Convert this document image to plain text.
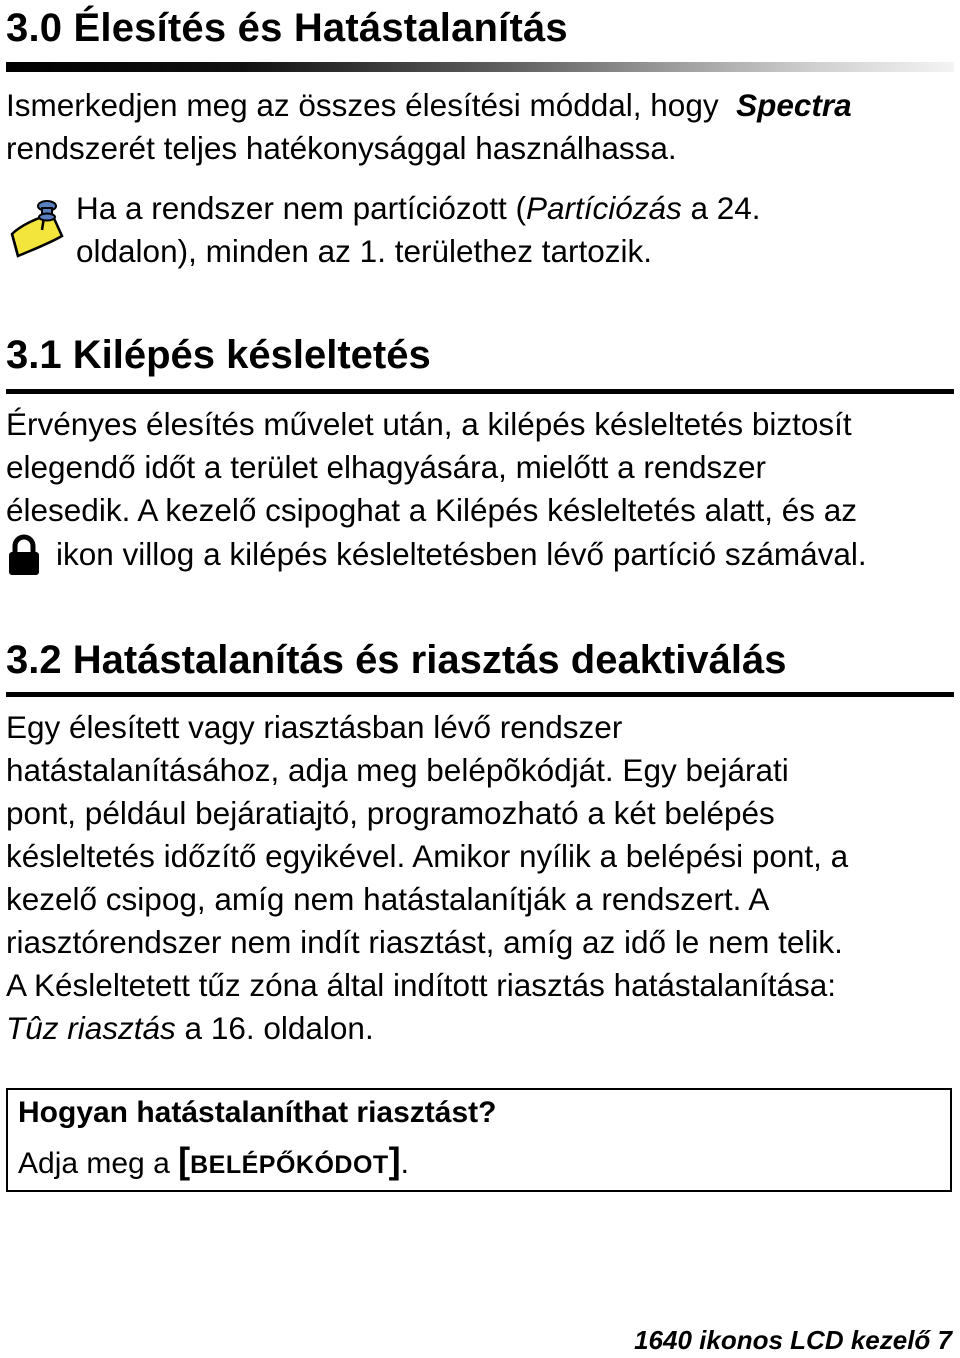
3.0 Élesítés és Hatástalanítás
Ismerkedjen meg az összes élesítési móddal, hogy Spectra
rendszerét teljes hatékonysággal használhassa.
Ha a rendszer nem partíciózott (Partíciózás a 24. oldalon), minden az 1. területhez tartozik.
3.1 Kilépés késleltetés
Érvényes élesítés művelet után, a kilépés késleltetés biztosít
elegendő időt a terület elhagyására, mielőtt a rendszer
élesedik. A kezelő csipoghat a Kilépés késleltetés alatt, és az
ikon villog a kilépés késleltetésben lévő partíció számával.
3.2 Hatástalanítás és riasztás deaktiválás
Egy élesített vagy riasztásban lévő rendszer
hatástalanításához, adja meg belépõkódját. Egy bejárati
pont, például bejáratiajtó, programozható a két belépés
késleltetés időzítő egyikével. Amikor nyílik a belépési pont, a
kezelő csipog, amíg nem hatástalanítják a rendszert. A
riasztórendszer nem indít riasztást, amíg az idő le nem telik.
A Késleltetett tűz zóna által indított riasztás hatástalanítása:
Tûz riasztás a 16. oldalon.
Hogyan hatástalaníthat riasztást?
Adja meg a [BELÉPŐKÓDOT].
1640 ikonos LCD kezelő 7
